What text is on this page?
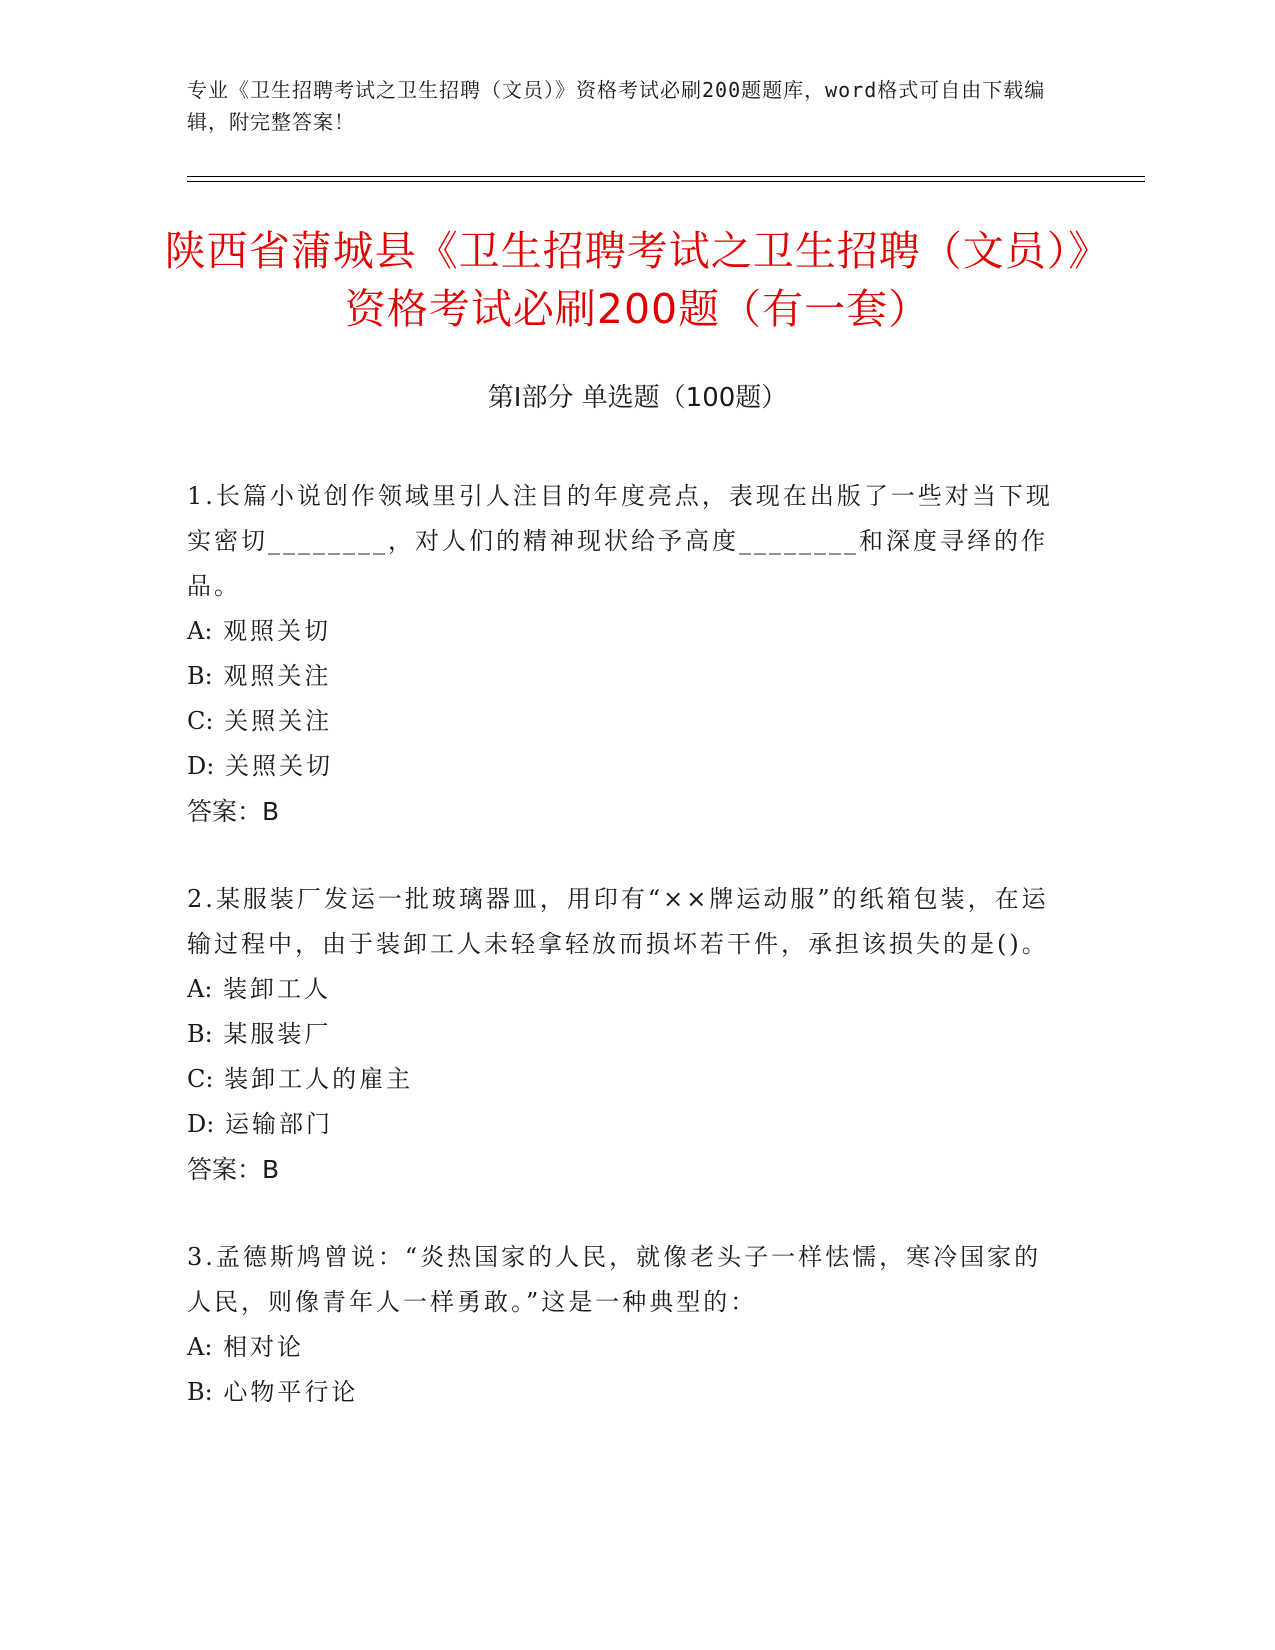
专业《卫生招聘考试之卫生招聘（文员）》资格考试必刷200题题库，word格式可自由下载编辑，附完整答案！
陕西省蒲城县《卫生招聘考试之卫生招聘（文员）》资格考试必刷200题（有一套）
第Ⅰ部分 单选题（100题）
1.长篇小说创作领域里引人注目的年度亮点，表现在出版了一些对当下现实密切________，对人们的精神现状给予高度________和深度寻绎的作品。
A: 观照关切
B: 观照关注
C: 关照关注
D: 关照关切
答案：B
2.某服装厂发运一批玻璃器皿，用印有“××牌运动服”的纸箱包装，在运输过程中，由于装卸工人未轻拿轻放而损坏若干件，承担该损失的是()。
A: 装卸工人
B: 某服装厂
C: 装卸工人的雇主
D: 运输部门
答案：B
3.孟德斯鸠曾说：“炎热国家的人民，就像老头子一样怯懦，寒冷国家的人民，则像青年人一样勇敢。”这是一种典型的：
A: 相对论
B: 心物平行论
